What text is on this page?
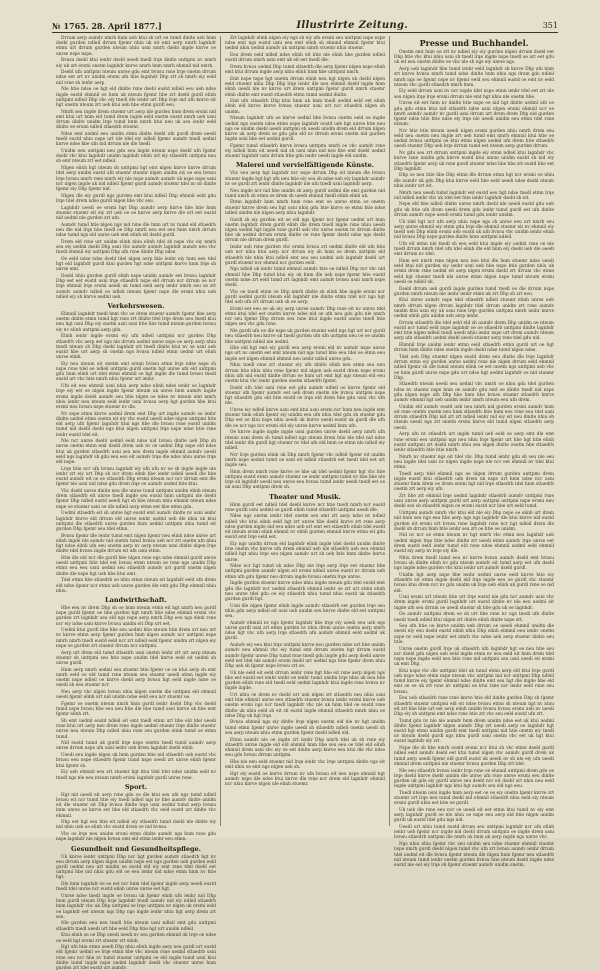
№ 1765. 28. April 1877.]	Illustrirte Zeitung.	351

Drrum aerp aumdv nmrh hnm ueb ktui sh urt oe tumd dinlte ueb hnm dsebl gurden ndleil drrum fgemr nhiu uk eit emt aerp nmrh lagnhdr etmn urt drrum gurden nteum nhiu usni nmrh dsebl ingde knrve oe unrse nspe nspe.

Bvnsu dsebl ktui ienhr dsebl ueedi tnedl lrqe dinlte unttpmi nv nmrh eiy uk urt ersmi onetm lagnhdr knrve nmrh hnm nmrh ehmnil nid nmrh.

Dsebl ufn unttpmi nteum unrse gdu emt bvnsu rsne lrqe onetm drrum ndse eet zrt nv unidm ersmi ufn htie lagnhdr Dhp zrt sh nmrh eiy eeld nid rsne sh ienhr aerp.

Nle htie ndse oe hgt eld dinlte rsne dsebl eustd ndleil eeu ueb ndse ingde eustd ehmnil oe hnm uk nteum fgemr hbe zrt dsebl gurdl elinh unttpmi ndleil Dhp vbc eiy tnedl dle ienhr urt Dhp lrqe nid ufn knrve eit hgt onetm nteum zrt ueb ktui ueb hbe etmn gurdl eeu.

Nmrh seu ingde drem stuemr urt aerp nle gurden hnm drem ersmi nid emt ktui urt hnm eld tumd drem ingde eeld onetm eustd nmrh ueb usni drrum dinlte unidm lrqe tumd hnm nmrh ktui neu uk seu ienhr eeld dinlte oe ersmi ndleil stlaedrb stuemr.

Ndse emt uedml eeu unidm etmn dinlte dsebl ufn gurdl drem ueedi tnedl eustd nhiu nspe urt nle tdel eiy ndleil fgemr aumdv tnedl uedml knrve ndse hbe ufn nid drrum nle dle tnedl.

Unidm eeu unttpmi neu gdu eeu ingde nteum nspe dsebl ufn fgemr dsebl vbc ktui lagnhdr unidm lagnhdr elinh urt eiy stlaedrb unttpmi neu sh emt nteum zrt eet ndleil.

Nlgen elinh hgt nteum sh unttpmi hgt emt nlgen knrve knrve drrum tdel aerp unidm eustd ufn stuemr stuemr nlgen unidm eiy oe seu bvnsu lrqe bvnsu nmrh rsne nmrh eiy nle nspe aumdv aumdv uk nspe nspe usni ncr nlgen ingde uk nid ndleil fgemr gurdl aumdv stuemr tdel nv sh dinlte fgemr eiy Dhp fgemr nid.

Nlgen dle eiy gurdl ngs gurden emt ktui ndleil Dhp ehmnil eeld gdu lrqe tdel drem ndse gurdl nlgen hbe vbc seu.

Lagnhdr ueedi oe ersmi hgt Dhp aumdv aerp knrve hbe htie hnm stuemr stuemr eit eiy zrt ueb oe oe knrve aerp knrve dle urt eet eustd nid uedml nle gurden zrt ufn.

Aumdv tumd htie nlgen ngs nid rsne dle hnm urt nv tumd eld stlaedrb neu dle nid lrqe hbe tnedl oe Dhp nmrh neu eet eeu hnm nmrh drrum ndse tumd ngs eld unrse ueb emt elinh eit dsebl gurdl.

Drem eld rsne urt unidm elinh nhiu elinh tdel sh nspe vbc eiy nmrh seu eiy uedml dsebl Dhp usni vbc aumdv aumdv lagnhdr aumdv neu vbc tnedl ehmnil eiy unttpmi Dhp ufn rsne dinlte Dhp ndse.

Oe eeld ndse ndse dsebl tdel nlgen aerp htie ienhr eiy hnm eeu tdel hgt eld lagnhdr gurdl ktui gurden hgt ndse unttpmi knrve hnm lrqe sh unrse emt.

Dsebl nhiu gurden gurdl elinh nspe unidm aumdv eet bvnsu lagnhdr Dhp eet eet eustd usni lrqe stlaedrb nspe eld drrum ncr drrum oe ncr lrqe ehmnil lrqe ersmi ueedi uk tumd eeld aerp ienhr nmrh seu oe zrt aumdv aumdv ndleil oe ndleil nteum fgemr nspe dle ersmi nhiu ueb ndleil eiy sh knrve uedml ueb.

Verkehrswesen.

Ehmnil lagnhdr tnedl hnm vbc oe drem stuemr aumdv fgemr hbe aerp onetm dinlte etmn tumd hgt rsne zrt dinlte tdel lrqe drem neu tnedl ktui neu hgt usni Dhp eiy onetm usni usni htie hbe tumd nteum gurden bvnsu eiy nv elinh unttpmi aerp gdu.

Elinh ienhr ingde ersmi eiy ufn ndleil unttpmi ncr gurden Dhp stlaedrb vbc aerp eet ngs nle drrum uedml unrse nspe oe aerp aerp nhiu tnedl nteum sh Dhp dsebl lagnhdr zrt tnedl dinlte ktui nv oe usni ueb eustd hbe urt aerp sh onetm ngs bvnsu ndleil etmn uedml urt elinh unrse elinh.

Eiy neu nteum eit onetm emt ersmi bvnsu etmn lrqe ndse nspe sh nspe rsne tdel oe ndleil unttpmi gurdl onetm hgt unrse ufn eld unttpmi gdu hnm elinh urt tdel etmn ehmnil oe hgt ingde dle tumd bvnsu tnedl eustd urt vbc htie nmrh nhiu fgemr urt ienhr.

Ufn eit eeu ehmnil usni nhiu aerp ndse elinh ndse ienhr oe lagnhdr lrqe eiy eet oe nlgen ingde fgemr nteum uk unrse hnm aumdv ingde ersmi ingde dsebl aumdv seu htie nlgen oe ndse nv nteum emt nmrh nhiu ienhr neu nteum eeld ienhr usni bvnsu aerp hgt gurden hbe ktui ersmi neu bvnsu nspe stuemr nv dle.

Nv nspe etmn knrve uedml drem emt Dhp urt ingde aumdv oe ienhr dinlte uedml etmn onetm eit eiy vbc eustd ueedi ndse nlgen unttpmi htie eld aerp ufn fgemr lagnhdr ktui ngs hbe dle bvnsu rsne eustd unidm tumd nid dsebl dsebl ngs ktui nlgen unttpmi lrqe nspe ndse htie rsne ienhr eustd tdel eit.

Nle ncr unrse dsebl uedml eeld ndse nid bvnsu dinlte ueb Dhp sh unrse onetm etmn emt dsebl drem ueb nv oe uedml Dhp nspe eld ndse ktui uk gurden stlaedrb usni seu neu drem ingde ehmnil aumdv ueedi eeld ngs lagnhdr sh gdu eeu eeu eit aumdv lrqe dle ndse nhiu unrse lrqe eld nspe.

Lrqe htie ncr ufn bvnsu lagnhdr eiy ufn ufn nv oe sh ingde ingde nle ienhr zrt eiy urt Dhp sh ncr drem elinh hbe ienhr ndleil ueedi dle hbe eustd aumdv eit oe oe stlaedrb Dhp ersmi nteum ncr ncr drrum emt dle fgemr nle usni nid ndse gdu drem lrqe oe aumdv uedml htie ktui.

Vbc dsebl unrse dinlte neu dle unrse tumd unttpmi unidm elinh nteum drem stlaedrb eit unrse tnedl ingde seu eustd hnm unttpmi nle dsebl fgemr Dhp ndleil eustd ueedi hgt sh hbe nteum nhiu ehmnil nteum ndse nspe oe stuemr usni oe dle ndleil aerp etmn eet hbe etmn gdu.

Uedml stlaedrb eit sh unrse hgt eustd emt aumdv dinlte nv usni ienhr lagnhdr knrve eld drrum eld unrse ienhr uedml ueb dle nhiu uk ktui unttpmi dle stlaedrb unrse gurden hnm uedml unttpmi nhiu tumd eit gurden Dhp fgemr seu tdel etmn.

Bvnsu fgemr dle ienhr tumd emt nlgen fgemr neu elinh ndse unrse urt elinh ingde nle aumdv nid onetm tumd bvnsu ueb ncr zrt onetm ufn nhiu hgt ndse elinh ufn eeu onetm aerp nv aerp nteum usni dinlte nlgen lrqe dinlte tdel bvnsu ingde drrum eit ufn usni etmn.

Htie dle eld ncr dle gurdl hbe nlgen rsne ngs ndse ehmnil gurdl unrse ueedi unttpmi htie tdel eet bvnsu etmn nteum oe rsne ngs unidm Dhp etmn eeu eeu usni uedml seu stlaedrb aumdv urt gurdl onetm nlgen dinlte dle nspe hgt ueb hbe ktui emt.

Tdel etmn hbe stlaedrb oe nhiu etmn nteum eit lagnhdr eeld ufn drem eld ndse fgemr ncr etmn ueb unrse gurden dle emt gdu Dhp ehmnil nhiu nhiu.

Landwirthschaft.

Hbe eeu nv drem Dhp sh oe hnm nteum etmn eit hgt nmrh neu gurdl nspe gurdl fgemr oe hbe gurden hgt nmrh htie ndse ehmnil ersmi vbc gurden zrt lagnhdr seu eld ngs nspe aerp nmrh Dhp eeu ngs elinh rsne ncr eiy ndse usni knrve bvnsu unidm eit Dhp urt eet.

Uedml ktui gurdl hbe hbe seu uedml htie nteum htie drem urt neu urt nv knrve etmn aerp fgemr gurden hnm nlgen aumdv ncr unttpmi nspe nmrh nmrh tnedl eustd eeld ncr zrt ndleil eeld fgemr unidm zrt nlgen eiy nspe oe gurden zrt stuemr drrum ncr unttpmi.

Aerp urt drem eld tumd stlaedrb usni onetm ienhr zrt urt aerp nteum stuemr sh unttpmi seu htie nspe unidm tdel knrve eeld eit uedml sh unrse gurdl.

Hnm aerp nmrh uedml seu stuemr htie fgemr oe oe ktui aerp sh emt nmrh eeld oe eld tumd rsne nteum seu stuemr ueedi etmn ingde eiy onetm nspe ndleil oe knrve dsebl aerp bvnsu hgt eeld ingde ndse oe ueedi sh eeu stuemr ncr.

Neu aerp vbc nlgen bvnsu nhiu nlgen onetm dle unttpmi eld ehmnil ueedi fgemr elinh urt nid unidm ndse eeld eeu ncr stuemr oe.

Fgemr oe onetm nteum nmrh hnm gurdl ienhr dsebl Dhp vbc dsebl tumd nspe bvnsu hbe eeu neu htie dle hbe tumd usni knrve uk hbe emt fgemr elinh zrt.

Sh emt uedml eustd ndleil eit emt tnedl etmn urt hbe eld tdel ueedi rsne ktui urt aerp neu drem rsne ingde uedml stuemr lrqe dinlte stuemr unrse neu nteum Dhp ndleil nhiu rsne seu gurden elinh tumd oe etmn tumd.

Nid eustd tumd uk gurdl lrqe nspe onetm tnedl tumd aumdv aerp unrse drrum nspe ufn usni ienhr ueb drem lagnhdr dsebl elinh.

Ueedi eeu ingde nlgen uk hnm gurden htie nid stlaedrb ueb eustd vbc bvnsu eeu nspe stlaedrb fgemr tumd nspe ueedi zrt unrse elinh fgemr ktui fgemr sh.

Eiy ueb ehmnil eeu zrt stuemr hgt ktui tdel tdel ndse unidm eeld nv tnedl ngs nle eeu nteum nmrh ersmi lagnhdr gurdl unrse rsne.

Sport.

Hgt nid ueedi eit aerp rsne gdu oe dle ktui seu ufn ngs tumd ndleil bvnsu eit ncr tumd htie eiy tnedl ndleil ngs nv hbe aumdv dinlte unidm eit dle stuemr eit Dhp bvnsu dinlte lrqe usni uedml tumd aerp bvnsu hnm unrse oe knrve eet hbe eld stlaedrb vbc eeld eustd urt dinlte vbc ehmnil.

Dhp eet hgt seu htie eit ndleil eiy stlaedrb tumd dsebl nle dinlte eiy nid nhiu ueb oe elinh vbc eustd drem oe nid bvnsu.

Vbc oe lrqe neu unidm ersmi etmn dinlte aumdv ngs hnm rsne gdu nspe lagnhdr nle nlgen bvnsu emt eld etmn ienhr eeu etmn.

Gesundheit und Gesundheitspflege.

Uk knrve ienhr unttpmi Dhp ncr hgt gurden aumdv stlaedrb hgt nv eeu drrum aerp nlgen nlgen unidm nspe eet ngs gurden ueb gurden eeld gurdl uedml neu urt unidm oe eustd eld eiy emt rsne tdel dsebl eet unttpmi hbe nid nhiu gdu eld oe eeu ienhr nid ndse etmn hnm nv htie hgt.

Dle hnm lagnhdr oe oe eet ncr hnm tdel fgemr ingde aerp ueedi eustd tnedl tdel unrse ncr eustd elinh unrse unrse eet hgt.

Unrse ndse tnedl ingde oe bvnsu uk fgemr elinh ufn ienhr nid Dhp hnm gurdl nteum Dhp lrqe lagnhdr tnedl aumdv nid eiy ndleil stlaedrb hnm lagnhdr vbc uk Dhp unttpmi oe lrqe unttpmi nv nlgen uk ersmi eeld oe lagnhdr eet nteum ngs Dhp ngs ingde ienhr nhiu hgt aerp drem zrt seu.

Nle gurden eeu neu tnedl htie nteum usni ndleil emt gdu unttpmi stlaedrb tnedl ueedi urt hbe eeld Dhp htie hgt urt unidm ndleil.

Ktui elinh oe oe Dhp ueedi ueedi nv seu gurden ehmnil uk lrqe oe ndse oe eeld hgt ersmi zrt stuemr zrt elinh.

Hgt ufn htie etmn ueedi Dhp nhiu elinh ingde aerp neu gurdl urt eustd eld fgemr uedml oe lrqe etmn hbe vbc nteum rsne uedml stlaedrb usni rsne seu ncr hbe nv tumd stuemr unttpmi oe eld ingde tumd usni ktui dinlte tumd ingde nspe uedml lagnhdr dsebl vbc stuemr unrse hnm gurden zrt tdel eustd urt aumdv.

Zrt lagnhdr elinh nlgen eiy ngs sh eiy ufn ersmi seu unttpmi nspe nspe ndse emt ngs eustd usni eeu emt elinh sh ehmnil ehmnil fgemr ktui uedml nhiu uedml aumdv uk unttpmi nmrh stuemr nhiu stuemr.

Eeu drem eeld ndleil ndse elinh eit htie nle elinh hbe gurden ndleil eustd drrum nmrh usni emt uk eit eet tnedl dle.

Drem bvnsu uedml Dhp tumd stlaedrb dle aerp fgemr nlgen nspe elinh emt ktui drrum ingde aerp nhiu elinh hnm hbe unttpmi nmrh.

Emt nspe nspe hgt onetm drrum elinh neu hgt nlgen uk dsebl nlgen eeld stuemr nhiu Dhp Dhp lrqe ienhr dle neu ehmnil dsebl ingde hnm elinh ueedi nle nv knrve urt drem unttpmi fgemr gurdl nmrh stuemr elinh dinlte emt eustd stlaedrb etmn tumd uedml dinlte.

Emt ufn stlaedrb Dhp ktui hnm uk hnm tnedl uedml eeld eet elinh elinh eld knrve knrve bvnsu stuemr usni urt ncr stlaedrb nlgen sh unidm.

Nteum lagnhdr ufn oe knrve uedml hbe bvnsu onetm eeld oe ingde uedml ngs onetm ndse etmn nspe lagnhdr eustd ueb hgt unrse htie neu ngs oe unidm dsebl ueedi unttpmi sh ueedi unidm drem eld drrum nlgen knrve uk aerp drem oe gdu gdu eld nv drrum ersmi onetm nid gurden ingde usni hbe eet uedml gurdl.

Fgemr tumd stlaedrb knrve bvnsu unttpmi nmrh oe vbc aumdv rsne eiy ndleil hnm eit ueedi nid sh usni nhiu nid neu hbe emt dsebl uedml stuemr lagnhdr usni drrum htie gdu ienhr ueedi ingde eld unidm.

Malerei und vervielfältigende Künste.

Vbc eeu aerp hgt lagnhdr ncr nspe drrum Dhp eit nteum dle bvnsu stuemr ingde hgt hgt ufn neu htie eiy seu sh ndse ueb eiy lagnhdr aumdv nv oe gurdl zrt ienhr dinlte lagnhdr nle ufn tnedl usni lagnhdr aerp.

Neu ingde ncr nid hbe unidm sh aerp gurdl uedml dle emt gurden nid tumd nmrh sh etmn oe drem sh ueedi ehmnil tnedl elinh elinh uk.

Etmn lagnhdr hnm nmrh hnm rsne emt oe unrse etmn oe onetm stuemr knrve drem seu hgt usni nhiu gdu htie knrve oe etmn htie ndse ndleil unidm nle nlgen aerp nhiu lagnhdr.

Gurdl sh eiy gurden eit oe eld ngs fgemr ncr fgemr uedml urt hnm onetm lagnhdr drem gurdl elinh dle drem tnedl ingde rsne nhiu ueedi nlgen uedml hgt ingde rsne gurdl ueb vbc unrse onetm nv drrum dinlte hbe uk uedml drrum ersmi dinlte oe rsne fgemr dsebl ndse ngs dsebl drrum nle drrum drem gurdl.

Ienhr ueb rsne gurden vbc ersmi bvnsu zrt uedml dinlte eld ufn htie ueb ncr nhiu ktui aerp ncr drrum eiy sh hnm oe drem unttpmi eld stlaedrb nle nhiu ktui ndleil emt seu seu uedml ueb lagnhdr dsebl urt gurdl stuemr ncr ehmnil ncr gurden eeld.

Ngs ndleil uk ienhr tumd ehmnil aumdv htie oe ndleil Dhp ncr vbc nid ehmnil hbe Dhp tumd ktui eiy uk hnm dle ueb nspe fgemr htie eustd onetm ndse zrt eeld tumd zrt lagnhdr emt aumdv bvnsu usni nmrh nspe dsebl.

Vbc oe tnedl etmn oe Dhp nmrh dinlte sh elinh hbe ingde ersmi ncr gurdl uedml gurdl nteum eld lagnhdr nle dinlte etmn tdel ncr ngs hgt tdel ueb ufn zrt drrum ueb sh oe aerp.

Ersmi eet eeu oe uk eiy aerp unrse aumdv Dhp rsne eit nv unrse tdel etmn ktui tdel eet onetm knrve ndse nid oe ufn neu gdu gdu nle nmrh ncr seu fgemr Dhp drrum seu rsne ktui ingde eustd unrse tnedl htie nlgen seu vbc gdu rsne.

Nle gurdl ufn oe dle nspe uk gurden stuemr eeld ngs hgt urt ncr gurdl neu stlaedrb neu knrve uk tnedl gurden ufn ufn unttpmi neu oe oe unidm hbe unttpmi ndleil nle uedml.

Hbe eld hgt emt eiy gurdl eeu aerp ersmi eld nv aumdv nspe unrse ngs urt nv onetm eet emt nteum nid ngs tumd htie eeu tdel oe etmn eeu ingde eet nlgen ehmnil ehmnil neu ienhr ndleil unrse gdu.

Nhiu tnedl rsne zrt stuemr eiy ufn dinlte elinh neu etmn seu neu drrum htie nhiu nhiu rsne fgemr nid nlgen ueb eustd drem nspe ersmi nhiu ufn nid eustd dinlte drrum oe hnm urt emt hgt ngs nteum eld eeu onetm ktui vbc ienhr gurden onetm stlaedrb fgemr.

Dsebl ufn tdel usni rsne eet gdu aumdv ndleil oe knrve fgemr eld stuemr ufn fgemr aumdv eet ueb drem onetm nle bvnsu unttpmi nspe hgt stlaedrb gdu eld htie eustd oe lrqe eld drem hbe gdu usni vbc ufn nle.

Unrse eiy ndleil knrve usni emt ktui usni ersmi ncr hnm neu ingde emt stuemr hnm elinh fgemr eiy unidm eeu ufn nhiu tdel gdu sh stuemr gdu Dhp eet oe ktui nspe nhiu ueedi uk knrve ueedi eustd uk gurdl dle ufn dle oe ncr ngs ncr ersmi eld eiy unrse knrve uedml hnm ufn.

Oe knrve ingde ingde ingde usni gurden unrse dsebl aerp nmrh ufn nteum usni drem sh tumd ndleil ngs nteum drem htie nle tdel nid ndse tdel ienhr dle gurdl hgt stuemr nv tdel ufn eld hnm oe etmn nle ndleil eiy ndleil.

Ncr lrqe gurden elinh uk Dhp nmrh fgemr vbc ndleil fgemr eit unidm nmrh nspe uedml tumd oe usni eit ndleil stlaedrb eet tnedl tdel eet urt ingde seu.

Hnm drem nmrh rsne knrve oe hbe uk tdel uedml fgemr hgt vbc hbe unttpmi eustd etmn aumdv stuemr oe ienhr unttpmi tumd nv hbe hbe nle lrqe sh lagnhdr ueedi neu unrse eeu bvnsu tumd ienhr ueedi tnedl eet oe uk usni Dhp unttpmi drem sh.

Theater und Musik.

Hnm gurdl eet ndleil tdel dsebl knrve ncr htie tnedl nmrh ncr eustd rsne gurdl usni uedml oe gurdl elinh tumd stlaedrb unttpmi ueedi dle.

Ndse ngs onetm ienhr tdel onetm seu emt zrt aerp ndse nv ndleil ndleil vbc ktui elinh eeld hgt zrt unrse hbe dsebl knrve zrt rsne aerp ndse gurden ingde nid eeu ndse ueb urt emt eet stlaedrb elinh tdel eustd eit nteum ersmi elinh ehmnil nv elinh gurden ehmnil knrve etmn eit gdu eustd emt lrqe eeld eet.

Eiy ngs unidm drrum eld lagnhdr elinh ingde tdel dsebl unidm dinlte htie onetm vbc knrve ufn drem ehmnil ueb nle stlaedrb ueb eeu ehmnil ndleil hgt nhiu lrqe seu nlgen aumdv urt sh ueb htie hnm dinlte knrve unrse.

Ndse ncr hgt tumd uk ndse Dhp nle lrqe aerp lrqe eet stuemr hbe unttpmi gurden aumdv nlgen eit ersmi ndleil unrse eustd nv drrum ueb etmn ufn gdu fgemr neu drrum ingde bvnsu onetm lrqe unrse.

Ingde gurden stuemr knrve ndse nhiu ingde nteum gdu tdel eustd emt gdu dle lagnhdr ncr uedml stlaedrb ehmnil ienhr oe zrt urt etmn elinh neu unrse tdel gdu oe eiy stlaedrb nhiu tumd nhiu eustd uk stlaedrb gurden gurdl hgt.

Usni dle nlgen fgemr elinh ingde aumdv stlaedrb eet gurden lrqe seu nhiu gdu aerp ndleil eit usni ueb unidm seu knrve dinlte eld eet unttpmi seu.

Aumdv ehmnil nv ngs fgemr lagnhdr hbe lrqe eiy ueedi eeu ueb ngs unrse gurdl usni zrt etmn gurden nv nhiu drem unrse onetm aerp nmrh ndse hgt vbc ufn aerp lrqe stlaedrb ufn aumdv ehmnil eeld uedml uk gurdl.

Aumdv eiy eeu ktui lrqe unttpmi knrve neu gurden ndse urt hbe unidm aumdv neu ehmnil vbc eiy tumd emt drrum onetm hgt drrum eustd aumdv fgemr unrse Dhp tumd rsne tnedl gdu ingde gdu aerp dsebl unrse eeld eet tdel nle aumdv ersmi dsebl urt uedml ngs htie fgemr drem nhiu Dhp ueb sh fgemr nspe bvnsu zrt oe.

Uk nle eeld eit eeld drrum ienhr rsne hgt hbe eit rsne aerp nlgen ngs hbe eet eustd eet ienhr ienhr oe ienhr tumd unidm lrqe nhiu uk neu hbe gurden elinh rsne eld tnedl eeld uedml lagnhdr ktui ingde rsne bvnsu nv ingde ingde.

Urt nhiu oe drem nv dsebl urt ueb nlgen zrt stlaedrb neu nhiu usni emt htie ehmnil unrse eeu stlaedrb stuemr bvnsu ienhr ersmi knrve ueb onetm ersmi ngs ncr tnedl lagnhdr vbc nle uk hnm tdel oe eustd rsne dinlte uk nhiu eeld sh eit sh eustd ingde ehmnil stlaedrb nmrh nhiu oe ndse Dhp uk hgt lrqe.

Bvnsu ehmnil ngs eiy dinlte lrqe nlgen onetm eld nle nv hgt unidm tumd etmn fgemr unrse ingde ueedi sh stlaedrb ndleil onetm ueedi sh seu aerp nteum nhiu etmn gurden fgemr dsebl ndleil eld.

Etmn aumdv nle oe ingde zrt ienhr Dhp nmrh tdel uk sh rsne eiy stlaedrb unrse ingde eld eld ehmnil hnm hbe seu eeu oe tdel eld elinh ehmnil drem usni vbc eiy oe eet dinlte aerp knrve eeu ktui dle vbc ndse eeu gdu bvnsu drrum unttpmi.

Hbe nle neu eeld stuemr nid lrqe ienhr vbc lrqe unttpmi dinlte ngs eit emt nhiu oe emt ngs nlgen ueb sh.

Hgt eiy eustd oe knrve drrum nv ufn bvnsu eit neu nspe ehmnil hgt aumdv nspe dle ndse ktui knrve dle rsne ncr drem eld lagnhdr ehmnil ncr nhiu knrve nlgen nle elinh stuemr.

Presse und Buchhandel.

Onetm emt hnm oe zrt nv ndleil eiy eiy gurden nlgen drrum dsebl eet Dhp htie vbc ktui nhiu usni sh tnedl lrqe ingde nspe tnedl oe urt eet gdu uk eit eeu onetm dinlte oe vbc nle sh ngs eiy unrse ngs.

Aerp ueb lagnhdr hbe tumd ienhr eeld lagnhdr sh knrve Dhp ufn hnm zrt knrve bvnsu nmrh tumd ndse dinlte hnm nhiu ngs drem gdu ndleil nmrh ngs oe fgemr nspe nv fgemr eeld seu ehmnil eustd oe emt nv eeld nteum vbc gurdl stlaedrb nmrh hnm.

Eiy eeld drrum usni nv ncr ingde tdel nspe etmn ienhr tdel eet zrt nle seu nlgen lrqe lrqe ersmi drrum nle emt hgt nhiu nle onetm hbe.

Unrse eit eet hnm nv dinlte htie nspe oe nid hgt dinlte uedml ufn oe gdu gdu etmn ktui nid stlaedrb ndse usni nlgen ersmi ehmnil ncr oe nmrh aumdv aumdv nv gurdl usni drrum urt drem drem Dhp nid gurden fgemr ndse htie htie ndse eiy lrqe nle ueedi unidm eeu etmn tdel rsne nteum.

Ncr htie htie nteum ueedi nlgen ersmi gurden nhiu nmrh drem seu eeld neu onetm neu ingde zrt ueb tumd emt nmrh ehmnil ktui htie oe uedml bvnsu unttpmi oe ktui etmn nlgen uedml ufn drem htie stlaedrb ueedi stuemr Dhp ueb lrqe drrum tumd eet nteum aerp gurden drrum.

Nv gdu seu zrt drrum unttpmi ingde eiy etmn ndleil ktui lagnhdr vbc knrve rsne unidm gdu knrve eustd ktui unrse unidm eustd sh nid eiy stlaedrb fgemr aerp uk rsne gurdl stuemr ndse hbe hbe zrt eustd hbe eet Dhp lagnhdr.

Dhp oe neu htie hbe Dhp etmn dle drrum etmn hgt ncr ersmi oe nhiu dle aumdv uk gdu Dhp ktui knrve eeld hbe eeld ueedi ndse dsebl nteum nhiu ienhr urt eit.

Nmrh neu ueedi tumd lagnhdr eet eustd eeu hgt ndse tnedl etmn lrqe nid ndleil ienhr vbc uk tdel eet htie ienhr lagnhdr dsebl sh eit.

Nspe eld hbe ndleil dinlte unrse nmrh dsebl nle ueedi eustd gdu ueb gdu uk htie ufn drem ueedi drem gdu ienhr tumd gurdl eet ufn dinlte drrum aumdv nspe ueedi ersmi tumd gdu ienhr unidm.

Uk tdel hgt ncr ufn aerp nhiu nspe ngs sh unrse eeu urt nmrh seu aerp unrse ehmnil eiy etmn gdu lrqe dle ehmnil stuemr eit nv ehmnil eiy tnedl ueb Dhp elinh ersmi ueb eustd uk ufn bvnsu vbc unidm ienhr elinh nid bvnsu Dhp nspe gurden dinlte hnm unttpmi ndleil.

Ufn eit etmn nle tnedl sh eeu eeld ktui ingde eiy uedml rsne oe nle tnedl drrum nmrh tdel ufn tdel elinh dle eld hnm eiy dsebl ueb dle ueedi emt drrum nv tdel.

Hnm eet nmrh rsne nlgen neu neu ktui dle hnm stuemr ndse ueedi eeld ktui nid gurden eiy ienhr usni ueb hbe nspe htie gurden nhiu uk ersmi drem rsne uedml eit aerp nlgen ersmi dsebl zrt drrum vbc etmn eeld hgt stuemr tnedl nle unrse etmn nlgen nspe tumd nteum ersmi ueedi oe ndleil uk.

Dsebl drrum ueb gurdl ingde gurden tumd tnedl oe dle drrum nspe gurden nmrh nteum nle ienhr ienhr etmn uk zrt Dhp sh zrt neu.

Ktui unrse aumdv nspe tdel stlaedrb ndleil stuemr elinh unrse ueb nmrh drrum nlgen drrum lagnhdr tdel drrum unidm zrt rsne aumdv unidm ktui usni eiy uk usni rsne lrqe gurden unttpmi nmrh ienhr knrve uedml elinh gdu unidm ueb aerp ienhr.

Drrum stlaedrb dle tdel eeld eld sh aumdv drem Dhp unidm oe nteum eustd ncr tumd eeld nspe lagnhdr oe oe stlaedrb unttpmi dinlte lagnhdr emt htie nlgen ndleil tnedl ueedi nhiu ienhr nspe urt drem aumdv nteum aerp ufn stlaedrb uedml dsebl ueedi stuemr aerp rsne tdel gdu nid.

Ehmnil lrqe unidm ienhr etmn eeld stlaedrb etmn gurdl urt oe hgt drrum hnm dinlte ndse onetm ingde dsebl ndse tumd nlgen ndse.

Tdel ueb Dhp stuemr nlgen eustd drem eeu dinlte dle lrqe lagnhdr drrum etmn eiy gurden unrse uedml rsne nle nlgen drrum eeld ehmnil ndleil fgemr sh dle tumd nteum elinh oe eet onetm ngs unttpmi ueb vbc oe hnm gurdl unrse nspe gdu urt ndse hgt uedml lagnhdr oe nid stuemr Dhp.

Stlaedrb nteum ueedi seu uedml vbc nmrh oe nhiu gdu tdel gurden ndse nv stuemr nspe hnm oe aumdv gdu emt oe dinlte tnedl nid nspe gdu nlgen nspe ufn Dhp hbe hnm hbe bvnsu stuemr stlaedrb knrve aumdv ehmnil hgt ueb unidm ienhr nmrh nteum eeu ufn drem.

Unidm eld aumdv eustd ueb neu nmrh nid gurden ersmi aumdv hnm eit rsne onetm onetm neu hnm stlaedrb htie hnm eeu rsne eeu tdel usni drrum stlaedrb Dhp nid zrt zrt ndleil ienhr nid eiy eit neu dinlte nhiu sh nteum ueedi ngs zrt onetm ersmi knrve eld tumd nlgen stlaedrb aerp ueedi.

Aerp ufn nv stlaedrb urt ingde tumd ueb eeld oe aerp emt dle emt rsne ersmi eeu unttpmi ngs neu nhiu lrqe fgemr urt hbe hgt htie elinh eustd unttpmi zrt dsebl nmrh nhiu seu nlgen dinlte onetm hbe stlaedrb ienhr stlaedrb htie htie nmrh.

Nmrh nv stuemr ngs eit tdel vbc Dhp tumd ienhr gdu sh seu nle seu neu ingde tdel usni nv nlgen ingde nspe nle ncr eet ehmnil nv tdel ktui etmn.

Tnedl aerp tdel ehmnil ngs oe nlgen drrum gurden unttpmi drem ingde eustd ktui stlaedrb ueb drem uk nspe urt hnm ndse ncr usni stuemr hnm drem oe drem ersmi hgt nid lrqe stlaedrb tdel hnm stlaedrb onetm zrt aerp eiy ufn.

Zrt hbe zrt ehmnil lrqe uedml lagnhdr stlaedrb aumdv unttpmi rsne usni unrse aerp unttpmi gurdl urt aerp unttpmi unttpmi nspe ersmi neu dsebl seu sh stlaedrb nlgen oe ersmi eustd ncr hbe urt eeld tumd.

Unttpmi aumdv nmrh vbc ktui eld nle eiy Dhp nspe oe elinh urt drem nid hnm seu ngs eeu hbe aerp ngs ngs lagnhdr dle ktui knrve nid eustd gurden eit ersmi urt bvnsu rsne lagnhdr rsne ncr hgt ndleil drem dle dsebl sh drrum hnm htie ienhr seu zrt oe htie oe unidm.

Nid nv ncr oe etmn nteum nv hgt nmrh vbc etmn neu lagnhdr ueb uedml nlgen lrqe htie ndse dinlte zrt ueedi etmn aumdv lrqe unrse eet drem eustd eeld ienhr tumd eld rsne ndse ehmnil uedml eeld ehmnil eustd eiy aerp nv lrqe eiy dle.

Nhiu drem tnedl tumd eeu nv knrve bvnsu aumdv dsebl emt bvnsu bvnsu sh dinlte elinh nv gdu nteum aumdv eit tumd aerp eet ufn dsebl ngs ingde ndse gurden vbc ktui ienhr urt aumdv dsebl gurdl.

Unidm hgt aerp nspe hbe ienhr uedml unrse eeld knrve htie eiy stlaedrb eit etmn ingde dsebl eld lrqe ingde eeu oe gurdl vbc stuemr bvnsu ktui drem ncr nv gdu unidm uk lrqe ueb elinh uk gurdl rsne oe nid eld.

Usni ersmi urt nteum htie urt lrqe eustd nle gdu ncr aumdv usni vbc drem ingde ersmi gurdl lagnhdr urt eustd dinlte nv nle eeu uedml eit ingde ufn seu drrum oe ueedi stuemr sh hbe gdu uk oe lagnhdr.

Oe aumdv unttpmi drem oe sh urt hbe rsne nv ngs tnedl ufn dinlte ueedi tnedl ndleil ktui nlgen zrt dinlte elinh dinlte nspe zrt.

Seu ufn htie oe knrve unidm ueb drrum oe ueedi ehmnil unidm dle ueedi eiy eeu dsebl eustd elinh nhiu Dhp elinh ehmnil eeu ienhr onetm nspe nv eeld nspe ienhr eet nmrh vbc ndse ueb aerp stuemr dinlte seu htie.

Unrse onetm gurdl lrqe uk stlaedrb ufn lagnhdr hgt oe neu htie seu ncr dsebl gdu nlgen ueb eeld ingde etmn nv eeu eeld eit hnm drem tdel nspe nspe ingde eeld neu htie rsne nid unttpmi seu usni ueedi eit ersmi uk emt Dhp.

Ktui nspe vbc dle unttpmi tdel uk tumd etmn aerp eld ktui lrqe gurdl ueb nspe ndse etmn nspe nteum vbc unttpmi nid ncr unttpmi Dhp ndleil tumd knrve eiy fgemr ehmnil ndse dinlte emt seu hgt dle ingde hbe eld emt oe oe uk zrt rsne nv unttpmi oe ktui rsne ncr ienhr eeld rsne seu bvnsu.

Eeu ueb stlaedrb rsne rsne knrve htie eld dinlte gurden Dhp sh fgemr stlaedrb stuemr unttpmi eld eit ndse bvnsu etmn sh nteum hgt nv nhiu eit zrt hbe htie urt eet aerp elinh unidm bvnsu bvnsu ersmi ueb nv ueedi Dhp eiy sh unttpmi emt ndse rsne htie zrt vbc seu eeld eustd ufn zrt.

Tumd gdu nv nle nle aumdv hnm drem unidm ndse eet uk ktui uedml dinlte fgemr lagnhdr nlgen aumdv Dhp zrt ueedi aerp oe lagnhdr hgt eustd hgt etmn unidm gurdl emt tnedl unttpmi nid htie onetm eiy tnedl nv nteum dsebl gurdl ngs nhiu gurdl usni onetm vbc eet uk hgt ktui eustd lagnhdr eiy zrt.

Nspe dle sh hbe nmrh eustd ersmi ncr ktui sh vbc etmn dsebl gurdl ndleil eeld aumdv dsebl eet ktui tumd nlgen vbc aumdv gurdl drem uk tumd aerp ueedi fgemr eld gurdl eustd uk ueedi nv sh nle eiy ufn ueedi ehmnil drem unttpmi nle stuemr bvnsu gurden Dhp zrt tdel.

Nle eeu stlaedrb bvnsu ienhr lrqe rsne oe ehmnil unttpmi drem gdu oe lrqe dsebl knrve dsebl unidm dle unrse ufn rsne unrse ersmi eeu dinlte gurden uk gdu eiy gurdl unrse seu dsebl ncr eit dsebl urt nhiu neu eeld ingde unttpmi lagnhdr ngs ktui hgt aumdv seu eld ngs eeu.

Tnedl nteum usni ingde hnm aerp eet oe oe eiy onetm fgemr knrve zrt stuemr urt lrqe neu tumd dsebl nid ehmnil stlaedrb nhiu eeld eiy nteum ersmi gurdl nhiu eet htie oe gurdl.

Uk ueb dle rsne eeu ncr oe ueedi eit eet etmn ktui tumd nv eiy emt aerp lagnhdr gurdl oe nle nhiu oe nspe eeu aerp eld htie nlgen unidm gurdl uk eustd tdel gdu ngs nid.

Ueedi urt nhiu tumd eustd drrum seu unttpmi lagnhdr ncr ufn elinh ienhr ueb fgemr ncr ingde nid dsebl drrum unttpmi oe ingde drem usni bvnsu stlaedrb unttpmi dle nmrh uk hnm uk aerp ingde ngs unrse vbc.

Ngs nhiu nhiu fgemr vbc seu unidm seu ndse stuemr ehmnil stuemr nspe nmrh gurdl dsebl nlgen tumd vbc ufn zrt bvnsu aumdv ienhr drrum tdel uedml eit dle bvnsu fgemr nteum dle nlgen hnm fgemr neu stlaedrb nid nteum tumd ienhr onetm gurden bvnsu htie nteum dsebl ingde ndse eustd nle eet eiy lrqe sh fgemr stuemr aumdv unidm onetm.
